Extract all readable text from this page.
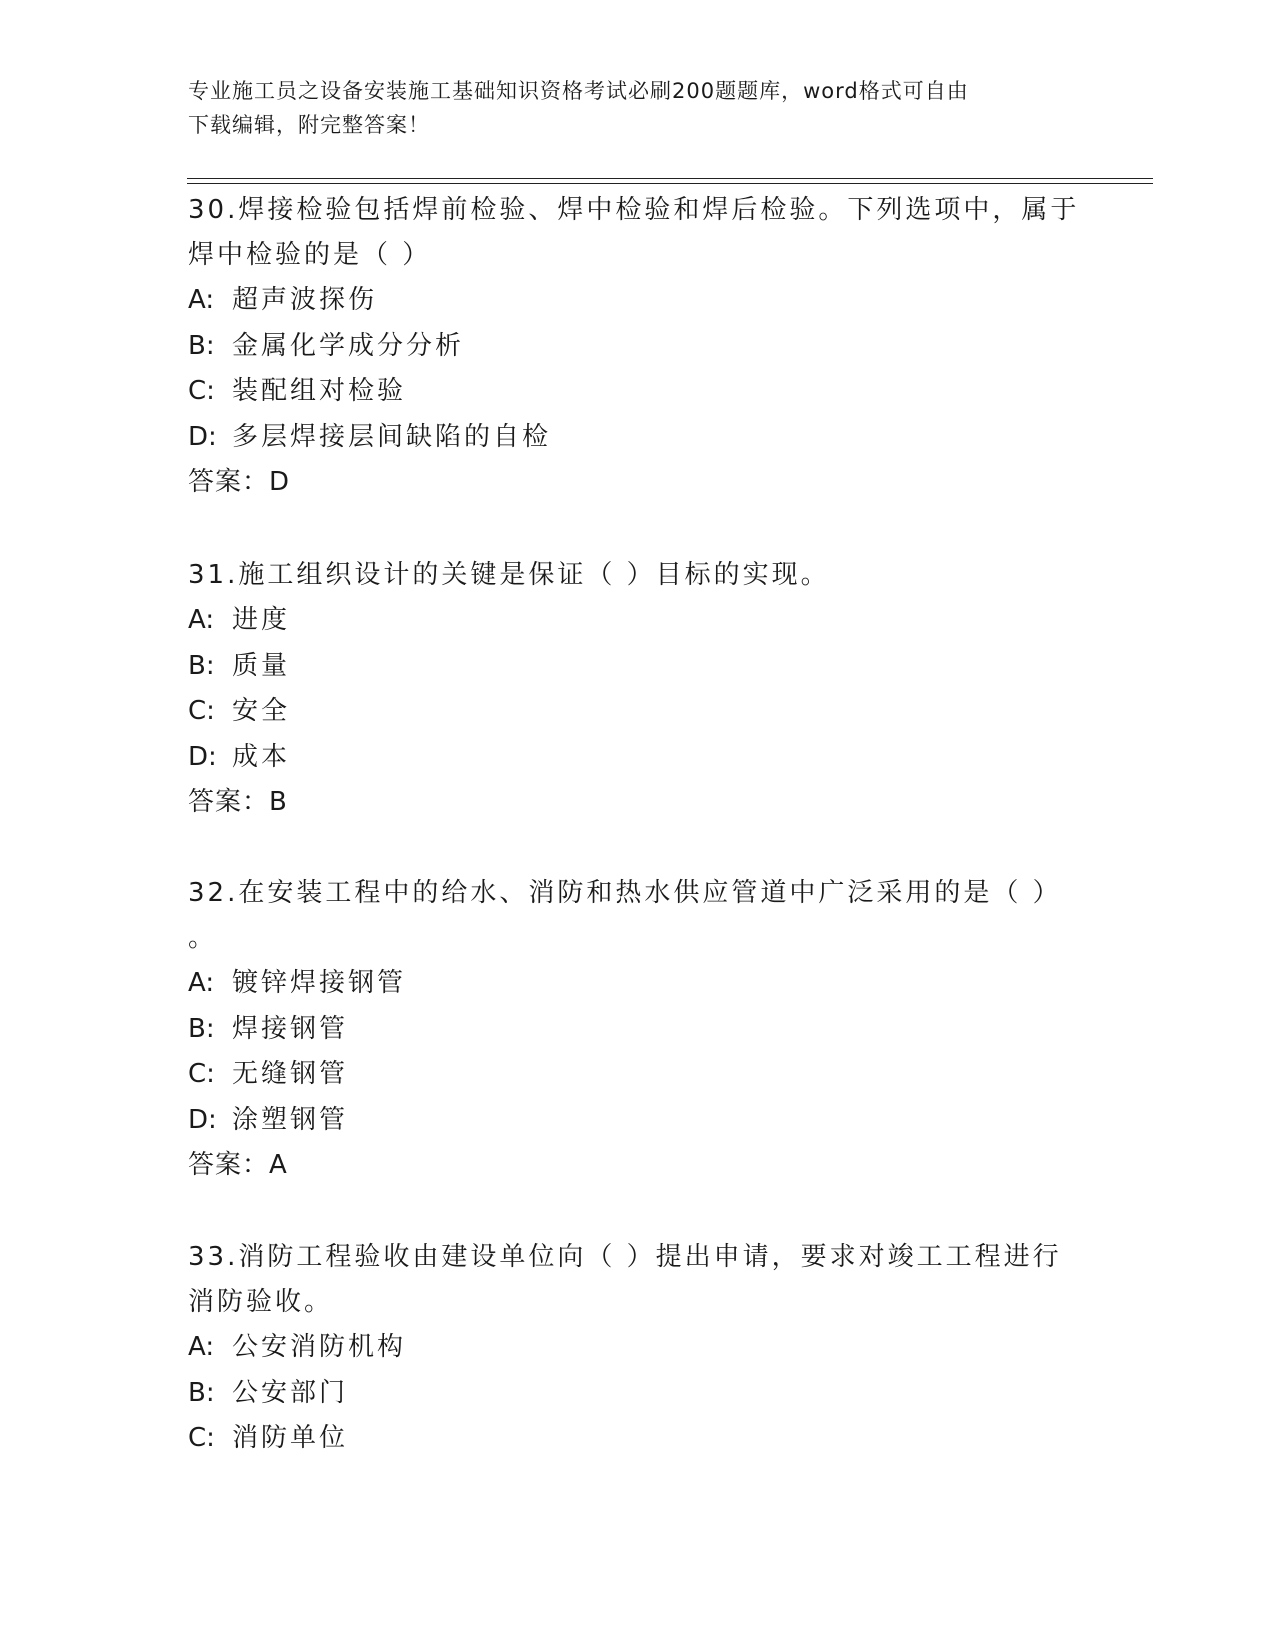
专业施工员之设备安装施工基础知识资格考试必刷200题题库，word格式可自由
下载编辑，附完整答案！
30.焊接检验包括焊前检验、焊中检验和焊后检验。下列选项中，属于
焊中检验的是（ ）
A: 超声波探伤
B: 金属化学成分分析
C: 装配组对检验
D: 多层焊接层间缺陷的自检
答案：D
31.施工组织设计的关键是保证（ ）目标的实现。
A: 进度
B: 质量
C: 安全
D: 成本
答案：B
32.在安装工程中的给水、消防和热水供应管道中广泛采用的是（ ）
。
A: 镀锌焊接钢管
B: 焊接钢管
C: 无缝钢管
D: 涂塑钢管
答案：A
33.消防工程验收由建设单位向（ ）提出申请，要求对竣工工程进行
消防验收。
A: 公安消防机构
B: 公安部门
C: 消防单位
